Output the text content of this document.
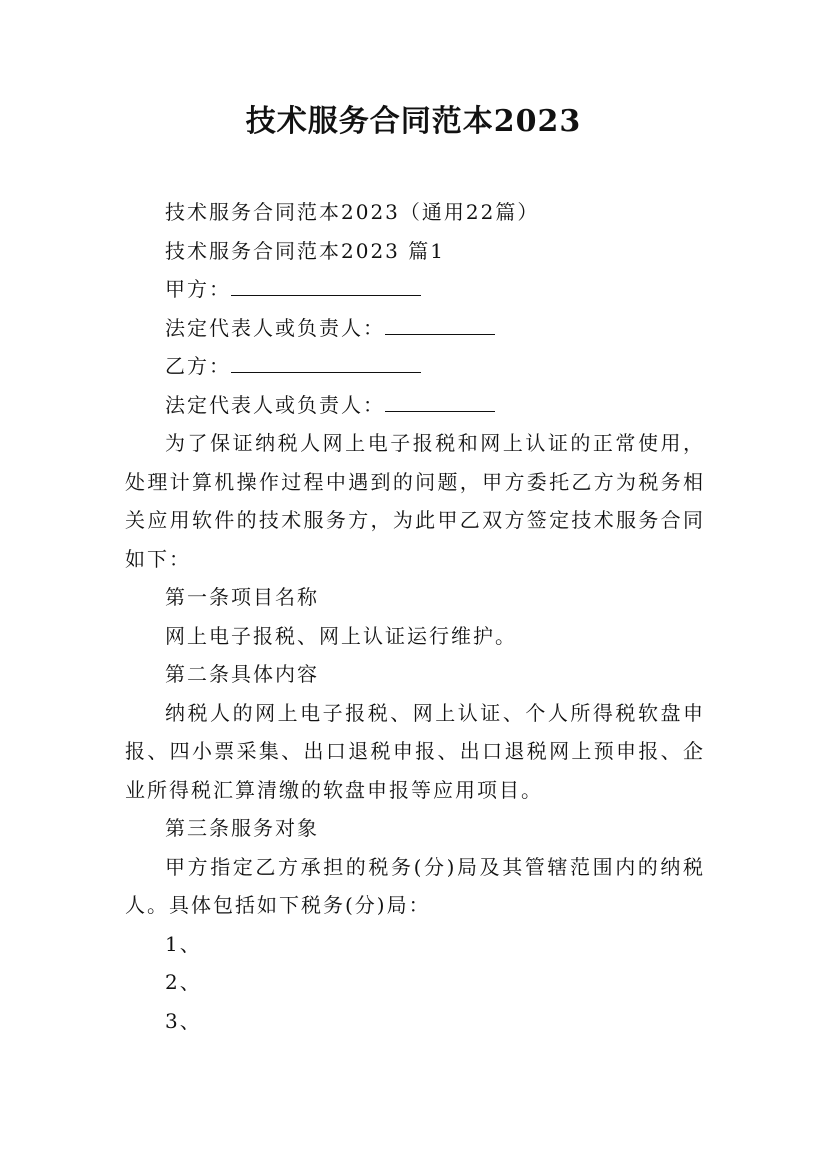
技术服务合同范本2023

技术服务合同范本2023（通用22篇）

技术服务合同范本2023 篇1

甲方：

法定代表人或负责人：

乙方：

法定代表人或负责人：

为了保证纳税人网上电子报税和网上认证的正常使用，处理计算机操作过程中遇到的问题，甲方委托乙方为税务相关应用软件的技术服务方，为此甲乙双方签定技术服务合同如下：

第一条项目名称

网上电子报税、网上认证运行维护。

第二条具体内容

纳税人的网上电子报税、网上认证、个人所得税软盘申报、四小票采集、出口退税申报、出口退税网上预申报、企业所得税汇算清缴的软盘申报等应用项目。

第三条服务对象

甲方指定乙方承担的税务(分)局及其管辖范围内的纳税人。具体包括如下税务(分)局：

1、

2、

3、
